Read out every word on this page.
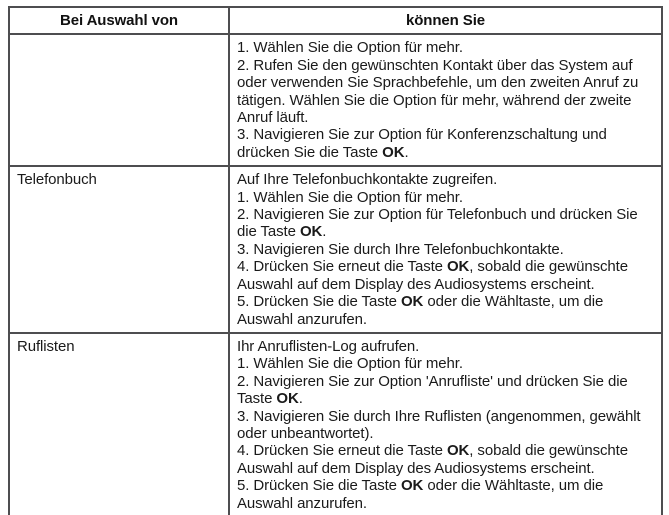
Bei Auswahl von	können Sie

	1. Wählen Sie die Option für mehr.
2. Rufen Sie den gewünschten Kontakt über das System auf oder verwenden Sie Sprachbefehle, um den zweiten Anruf zu tätigen. Wählen Sie die Option für mehr, während der zweite Anruf läuft.
3. Navigieren Sie zur Option für Konferenzschaltung und drücken Sie die Taste OK.

Telefonbuch	Auf Ihre Telefonbuchkontakte zugreifen.
1. Wählen Sie die Option für mehr.
2. Navigieren Sie zur Option für Telefonbuch und drücken Sie die Taste OK.
3. Navigieren Sie durch Ihre Telefonbuchkontakte.
4. Drücken Sie erneut die Taste OK, sobald die gewünschte Auswahl auf dem Display des Audiosystems erscheint.
5. Drücken Sie die Taste OK oder die Wähltaste, um die Auswahl anzurufen.

Ruflisten	Ihr Anruflisten-Log aufrufen.
1. Wählen Sie die Option für mehr.
2. Navigieren Sie zur Option 'Anrufliste' und drücken Sie die Taste OK.
3. Navigieren Sie durch Ihre Ruflisten (angenommen, gewählt oder unbeantwortet).
4. Drücken Sie erneut die Taste OK, sobald die gewünschte Auswahl auf dem Display des Audiosystems erscheint.
5. Drücken Sie die Taste OK oder die Wähltaste, um die Auswahl anzurufen.
